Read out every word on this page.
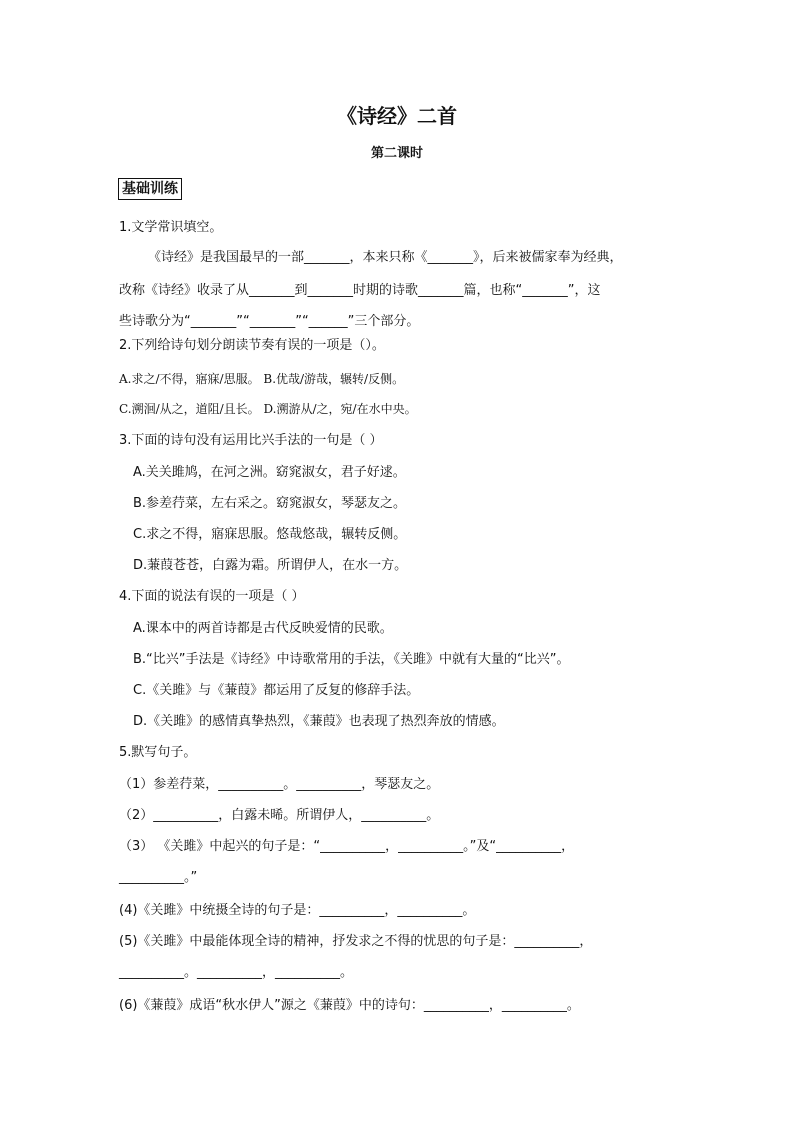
《诗经》二首
第二课时
基础训练
1.文学常识填空。
《诗经》是我国最早的一部_______，本来只称《_______》，后来被儒家奉为经典，
改称《诗经》收录了从_______到_______时期的诗歌_______篇，也称“_______”，这
些诗歌分为“_______”“_______”“______”三个部分。
2.下列给诗句划分朗读节奏有误的一项是（）。
A.求之/不得，寤寐/思服。 B.优哉/游哉，辗转/反侧。
C.溯洄/从之，道阻/且长。 D.溯游从/之，宛/在水中央。
3.下面的诗句没有运用比兴手法的一句是（ ）
A.关关雎鸠，在河之洲。窈窕淑女，君子好逑。
B.参差荇菜，左右采之。窈窕淑女，琴瑟友之。
C.求之不得，寤寐思服。悠哉悠哉，辗转反侧。
D.蒹葭苍苍，白露为霜。所谓伊人，在水一方。
4.下面的说法有误的一项是（ ）
A.课本中的两首诗都是古代反映爱情的民歌。
B.“比兴”手法是《诗经》中诗歌常用的手法，《关雎》中就有大量的“比兴”。
C.《关雎》与《蒹葭》都运用了反复的修辞手法。
D.《关雎》的感情真挚热烈，《蒹葭》也表现了热烈奔放的情感。
5.默写句子。
（1）参差荇菜，__________。__________，琴瑟友之。
（2）__________，白露未晞。所谓伊人，__________。
（3） 《关雎》中起兴的句子是：“__________，__________。”及“__________，
__________。”
(4)《关雎》中统摄全诗的句子是：__________，__________。
(5)《关雎》中最能体现全诗的精神，抒发求之不得的忧思的句子是：__________，
__________。__________，__________。
(6)《蒹葭》成语“秋水伊人”源之《蒹葭》中的诗句：__________，__________。
